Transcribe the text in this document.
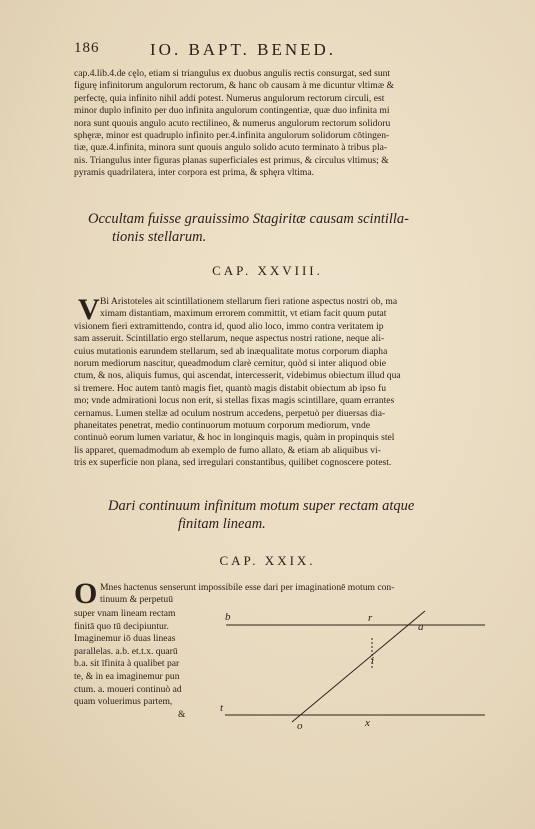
186	IO. BAPT. BENED.
cap.4.lib.4.de cęlo, etiam si triangulus ex duobus angulis rectis consurgat, sed sunt
figurę infinitorum angulorum rectorum, & hanc ob causam à me dicuntur vltimæ &
perfectę, quia infinito nihil addi potest. Numerus angulorum rectorum circuli, est
minor duplo infinito per duo infinita angulorum contingentiæ, quæ duo infinita mi
nora sunt quouis angulo acuto rectilineo, & numerus angulorum rectorum solidoru
sphęræ, minor est quadruplo infinito per.4.infinita angulorum solidorum cōtingen-
tiæ, quæ.4.infinita, minora sunt quouis angulo solido acuto terminato à tribus pla-
nis. Triangulus inter figuras planas superficiales est primus, & circulus vltimus; &
pyramis quadrilatera, inter corpora est prima, & sphęra vltima.
Occultam fuisse grauissimo Stagiritæ causam scintilla-
tionis stellarum.
CAP. XXVIII.
V Bi Aristoteles ait scintillationem stellarum fieri ratione aspectus nostri ob, ma
ximam distantiam, maximum errorem committit, vt etiam facit quum putat
visionem fieri extramittendo, contra id, quod alio loco, immo contra veritatem ip
sam asseruit. Scintillatio ergo stellarum, neque aspectus nostri ratione, neque ali-
cuius mutationis earundem stellarum, sed ab inæqualitate motus corporum diapha
norum mediorum nascitur, queadmodum clarè cernitur, quòd si inter aliquod obie
ctum, & nos, aliquis fumus, qui ascendat, intercesserit, videbimus obiectum illud qua
si tremere. Hoc autem tantò magis fiet, quantò magis distabit obiectum ab ipso fu
mo; vnde admirationi locus non erit, si stellas fixas magis scintillare, quam errantes
cernamus. Lumen stellæ ad oculum nostrum accedens, perpetuò per diuersas dia-
phaneitates penetrat, medio continuorum motuum corporum mediorum, vnde
continuò eorum lumen variatur, & hoc in longinquis magis, quàm in propinquis stel
lis apparet, quemadmodum ab exemplo de fumo allato, & etiam ab aliquibus vi-
tris ex superficie non plana, sed irregulari constantibus, quilibet cognoscere potest.
Dari continuum infinitum motum super rectam atque
finitam lineam.
CAP. XXIX.
O Mnes hactenus senserunt impossibile esse dari per imaginationē motum con-
tinuum & perpetuū
super vnam lineam rectam
finitā quo tū decipiuntur.
Imaginemur iō duas lineas
parallelas. a.b. et.t.x. quarū
b.a. sit īfinita à qualibet par
te, & in ea imaginemur pun
ctum. a. moueri continuò ad
quam voluerimus partem,
&
b	r
a
i
t
o	x
